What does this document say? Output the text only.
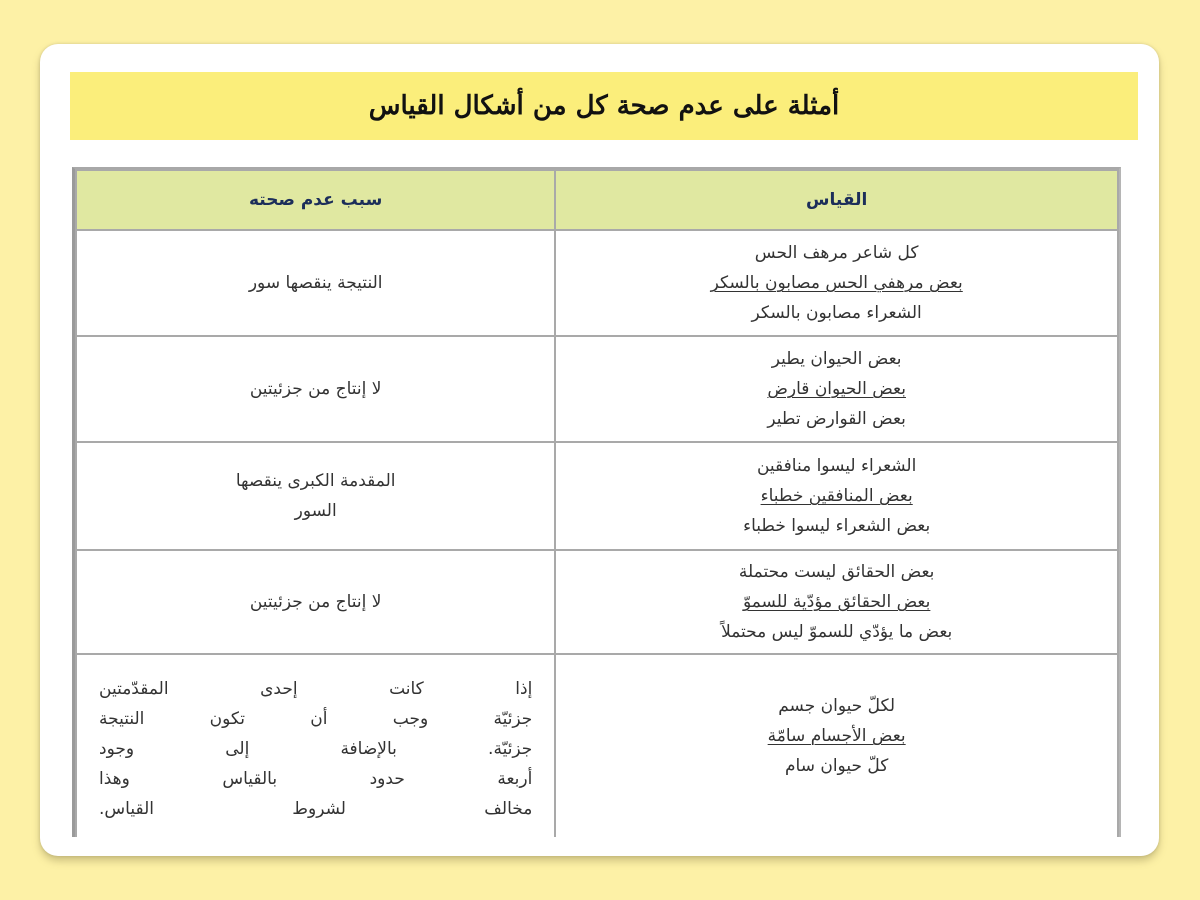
أمثلة على عدم صحة كل من أشكال القياس
القياس	سبب عدم صحته

كل شاعر مرهف الحس
بعض مرهفي الحس مصابون بالسكر
الشعراء مصابون بالسكر	النتيجة ينقصها سور

بعض الحيوان يطير
بعض الحيوان قارض
بعض القوارض تطير	لا إنتاج من جزئيتين

الشعراء ليسوا منافقين
بعض المنافقين خطباء
بعض الشعراء ليسوا خطباء	المقدمة الكبرى ينقصها
السور

بعض الحقائق ليست محتملة
بعض الحقائق مؤدّية للسموّ
بعض ما يؤدّي للسموّ ليس محتملاً	لا إنتاج من جزئيتين

لكلّ حيوان جسم
بعض الأجسام سامّة
كلّ حيوان سام	إذا كانت إحدى المقدّمتين
جزئيّة وجب أن تكون النتيجة
جزئيّة. بالإضافة إلى وجود
أربعة حدود بالقياس وهذا
مخالف لشروط القياس.
